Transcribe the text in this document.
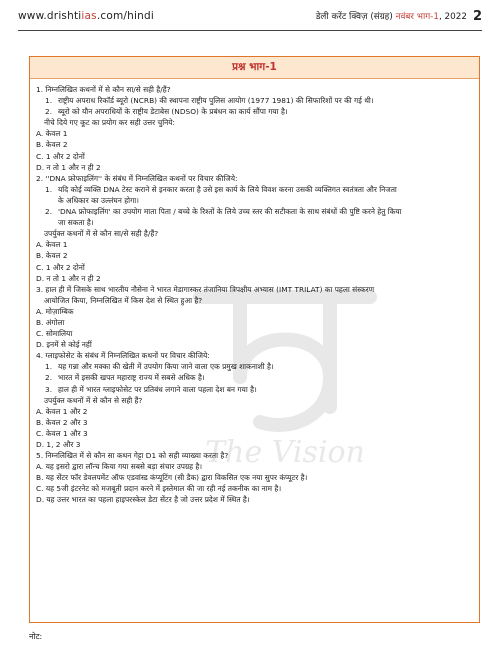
www.drishtiias.com/hindi	डेली करेंट क्विज़ (संग्रह) नवंबर भाग-1, 2022 2
प्रश्न भाग-1
The Vision
1. निम्नलिखित कथनों में से कौन सा/से सही है/हैं?
1. राष्ट्रीय अपराध रिकॉर्ड ब्यूरो (NCRB) की स्थापना राष्ट्रीय पुलिस आयोग (1977 1981) की सिफारिशों पर की गई थी।
2. ब्यूरो को यौन अपराधियों के राष्ट्रीय डेटाबेस (NDSO) के प्रबंधन का कार्य सौंपा गया है।
नीचे दिये गए कूट का प्रयोग कर सही उत्तर चुनिये:
A. केवल 1
B. केवल 2
C. 1 और 2 दोनों
D. न तो 1 और न ही 2
2. ''DNA फ्रोफाइलिंग'' के संबंध में निम्नलिखित कथनों पर विचार कीजिये:
1. यदि कोई व्यक्ति DNA टेस्ट कराने से इनकार करता है उसे इस कार्य के लिये विवश करना उसकी व्यक्तिगत स्वतंत्रता और निजता
के अधिकार का उल्लंघन होगा।
2. 'DNA फ्रोफाइलिंग' का उपयोग माता पिता / बच्चे के रिश्तों के लिये उच्च स्तर की सटीकता के साथ संबंधों की पुष्टि करने हेतु किया
जा सकता है।
उपर्युक्त कथनों में से कौन सा/से सही है/हैं?
A. केवल 1
B. केवल 2
C. 1 और 2 दोनों
D. न तो 1 और न ही 2
3. हाल ही में जिसके साथ भारतीय नौसेना ने भारत मेडागास्कर तंजानिया त्रिपक्षीय अभ्यास (IMT TRILAT) का पहला संस्करण
आयोजित किया, निम्नलिखित में किस देश से स्थित हुआ है?
A. मोज़ाम्बिक
B. अंगोला
C. सोमालिया
D. इनमें से कोई नहीं
4. ग्लाइफोसेट के संबंध में निम्नलिखित कथनों पर विचार कीजिये:
1. यह गन्ना और मक्का की खेती में उपयोग किया जाने वाला एक प्रमुख शाकनाशी है।
2. भारत में इसकी खपत महाराष्ट्र राज्य में सबसे अधिक है।
3. हाल ही में भारत ग्लाइफोसेट पर प्रतिबंध लगाने वाला पहला देश बन गया है।
उपर्युक्त कथनों में से कौन से सही हैं?
A. केवल 1 और 2
B. केवल 2 और 3
C. केवल 1 और 3
D. 1, 2 और 3
5. निम्नलिखित में से कौन सा कथन गेट्टा D1 को सही व्याख्या करता है?
A. यह इसरो द्वारा लॉन्च किया गया सबसे बड़ा संचार उपग्रह है।
B. यह सेंटर फॉर डेवलपमेंट ऑफ एडवांस्ड कंप्यूटिंग (सी डैक) द्वारा विकसित एक नया सुपर कंप्यूटर है।
C. यह 5जी इंटरनेट को मजबूती प्रदान करने में इस्तेमाल की जा रही नई तकनीक का नाम है।
D. यह उत्तर भारत का पहला हाइपरस्केल डेटा सेंटर है जो उत्तर प्रदेश में स्थित है।
नोट:
